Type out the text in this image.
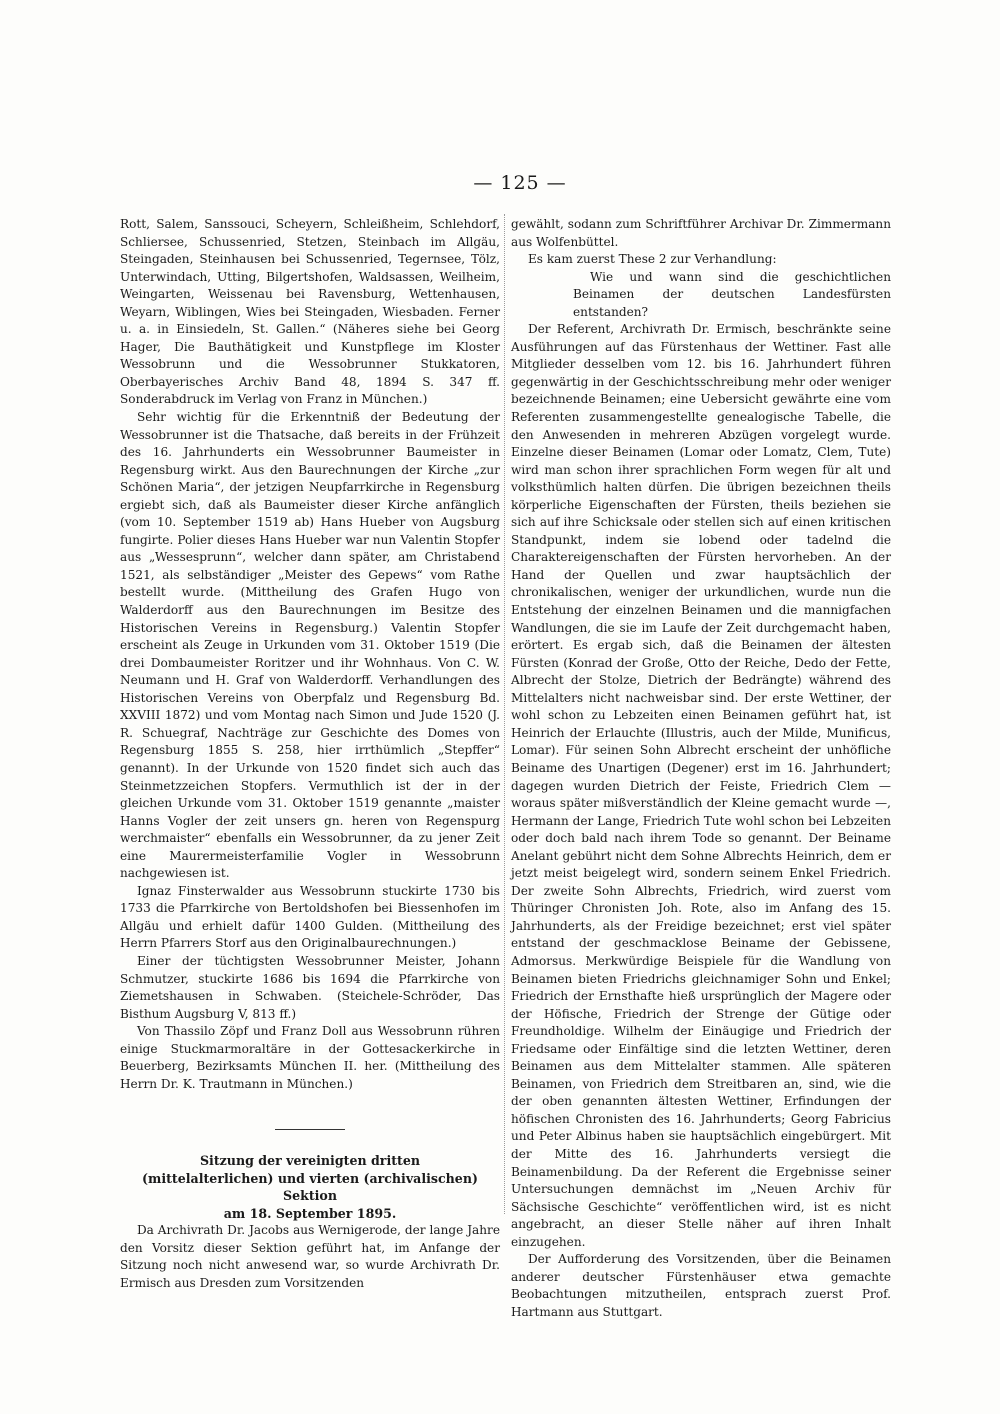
— 125 —

Rott, Salem, Sanssouci, Scheyern, Schleißheim, Schlehdorf, Schliersee, Schussenried, Stetzen, Steinbach im Allgäu, Steingaden, Steinhausen bei Schussenried, Tegernsee, Tölz, Unterwindach, Utting, Bilgertshofen, Waldsassen, Weilheim, Weingarten, Weissenau bei Ravensburg, Wettenhausen, Weyarn, Wiblingen, Wies bei Steingaden, Wiesbaden. Ferner u. a. in Einsiedeln, St. Gallen.“ (Näheres siehe bei Georg Hager, Die Bauthätigkeit und Kunstpflege im Kloster Wessobrunn und die Wessobrunner Stukkatoren, Oberbayerisches Archiv Band 48, 1894 S. 347 ff. Sonderabdruck im Verlag von Franz in München.)

Sehr wichtig für die Erkenntniß der Bedeutung der Wessobrunner ist die Thatsache, daß bereits in der Frühzeit des 16. Jahrhunderts ein Wessobrunner Baumeister in Regensburg wirkt. Aus den Baurechnungen der Kirche „zur Schönen Maria“, der jetzigen Neupfarrkirche in Regensburg ergiebt sich, daß als Baumeister dieser Kirche anfänglich (vom 10. September 1519 ab) Hans Hueber von Augsburg fungirte. Polier dieses Hans Hueber war nun Valentin Stopfer aus „Wessesprunn“, welcher dann später, am Christabend 1521, als selbständiger „Meister des Gepews“ vom Rathe bestellt wurde. (Mittheilung des Grafen Hugo von Walderdorff aus den Baurechnungen im Besitze des Historischen Vereins in Regensburg.) Valentin Stopfer erscheint als Zeuge in Urkunden vom 31. Oktober 1519 (Die drei Dombaumeister Roritzer und ihr Wohnhaus. Von C. W. Neumann und H. Graf von Walderdorff. Verhandlungen des Historischen Vereins von Oberpfalz und Regensburg Bd. XXVIII 1872) und vom Montag nach Simon und Jude 1520 (J. R. Schuegraf, Nachträge zur Geschichte des Domes von Regensburg 1855 S. 258, hier irrthümlich „Stepffer“ genannt). In der Urkunde von 1520 findet sich auch das Steinmetzzeichen Stopfers. Vermuthlich ist der in der gleichen Urkunde vom 31. Oktober 1519 genannte „maister Hanns Vogler der zeit unsers gn. heren von Regenspurg werchmaister“ ebenfalls ein Wessobrunner, da zu jener Zeit eine Maurermeisterfamilie Vogler in Wessobrunn nachgewiesen ist.

Ignaz Finsterwalder aus Wessobrunn stuckirte 1730 bis 1733 die Pfarrkirche von Bertoldshofen bei Biessenhofen im Allgäu und erhielt dafür 1400 Gulden. (Mittheilung des Herrn Pfarrers Storf aus den Originalbaurechnungen.)

Einer der tüchtigsten Wessobrunner Meister, Johann Schmutzer, stuckirte 1686 bis 1694 die Pfarrkirche von Ziemetshausen in Schwaben. (Steichele-Schröder, Das Bisthum Augsburg V, 813 ff.)

Von Thassilo Zöpf und Franz Doll aus Wessobrunn rühren einige Stuckmarmoraltäre in der Gottesackerkirche in Beuerberg, Bezirksamts München II. her. (Mittheilung des Herrn Dr. K. Trautmann in München.)

Sitzung der vereinigten dritten
(mittelalterlichen) und vierten (archivalischen) Sektion
am 18. September 1895.

Da Archivrath Dr. Jacobs aus Wernigerode, der lange Jahre den Vorsitz dieser Sektion geführt hat, im Anfange der Sitzung noch nicht anwesend war, so wurde Archivrath Dr. Ermisch aus Dresden zum Vorsitzenden

gewählt, sodann zum Schriftführer Archivar Dr. Zimmermann aus Wolfenbüttel.

Es kam zuerst These 2 zur Verhandlung:

Wie und wann sind die geschichtlichen Beinamen der deutschen Landesfürsten entstanden?

Der Referent, Archivrath Dr. Ermisch, beschränkte seine Ausführungen auf das Fürstenhaus der Wettiner. Fast alle Mitglieder desselben vom 12. bis 16. Jahrhundert führen gegenwärtig in der Geschichtsschreibung mehr oder weniger bezeichnende Beinamen; eine Uebersicht gewährte eine vom Referenten zusammengestellte genealogische Tabelle, die den Anwesenden in mehreren Abzügen vorgelegt wurde. Einzelne dieser Beinamen (Lomar oder Lomatz, Clem, Tute) wird man schon ihrer sprachlichen Form wegen für alt und volksthümlich halten dürfen. Die übrigen bezeichnen theils körperliche Eigenschaften der Fürsten, theils beziehen sie sich auf ihre Schicksale oder stellen sich auf einen kritischen Standpunkt, indem sie lobend oder tadelnd die Charaktereigenschaften der Fürsten hervorheben. An der Hand der Quellen und zwar hauptsächlich der chronikalischen, weniger der urkundlichen, wurde nun die Entstehung der einzelnen Beinamen und die mannigfachen Wandlungen, die sie im Laufe der Zeit durchgemacht haben, erörtert. Es ergab sich, daß die Beinamen der ältesten Fürsten (Konrad der Große, Otto der Reiche, Dedo der Fette, Albrecht der Stolze, Dietrich der Bedrängte) während des Mittelalters nicht nachweisbar sind. Der erste Wettiner, der wohl schon zu Lebzeiten einen Beinamen geführt hat, ist Heinrich der Erlauchte (Illustris, auch der Milde, Munificus, Lomar). Für seinen Sohn Albrecht erscheint der unhöfliche Beiname des Unartigen (Degener) erst im 16. Jahrhundert; dagegen wurden Dietrich der Feiste, Friedrich Clem — woraus später mißverständlich der Kleine gemacht wurde —, Hermann der Lange, Friedrich Tute wohl schon bei Lebzeiten oder doch bald nach ihrem Tode so genannt. Der Beiname Anelant gebührt nicht dem Sohne Albrechts Heinrich, dem er jetzt meist beigelegt wird, sondern seinem Enkel Friedrich. Der zweite Sohn Albrechts, Friedrich, wird zuerst vom Thüringer Chronisten Joh. Rote, also im Anfang des 15. Jahrhunderts, als der Freidige bezeichnet; erst viel später entstand der geschmacklose Beiname der Gebissene, Admorsus. Merkwürdige Beispiele für die Wandlung von Beinamen bieten Friedrichs gleichnamiger Sohn und Enkel; Friedrich der Ernsthafte hieß ursprünglich der Magere oder der Höfische, Friedrich der Strenge der Gütige oder Freundholdige. Wilhelm der Einäugige und Friedrich der Friedsame oder Einfältige sind die letzten Wettiner, deren Beinamen aus dem Mittelalter stammen. Alle späteren Beinamen, von Friedrich dem Streitbaren an, sind, wie die der oben genannten ältesten Wettiner, Erfindungen der höfischen Chronisten des 16. Jahrhunderts; Georg Fabricius und Peter Albinus haben sie hauptsächlich eingebürgert. Mit der Mitte des 16. Jahrhunderts versiegt die Beinamenbildung. Da der Referent die Ergebnisse seiner Untersuchungen demnächst im „Neuen Archiv für Sächsische Geschichte“ veröffentlichen wird, ist es nicht angebracht, an dieser Stelle näher auf ihren Inhalt einzugehen.

Der Aufforderung des Vorsitzenden, über die Beinamen anderer deutscher Fürstenhäuser etwa gemachte Beobachtungen mitzutheilen, entsprach zuerst Prof. Hartmann aus Stuttgart.
